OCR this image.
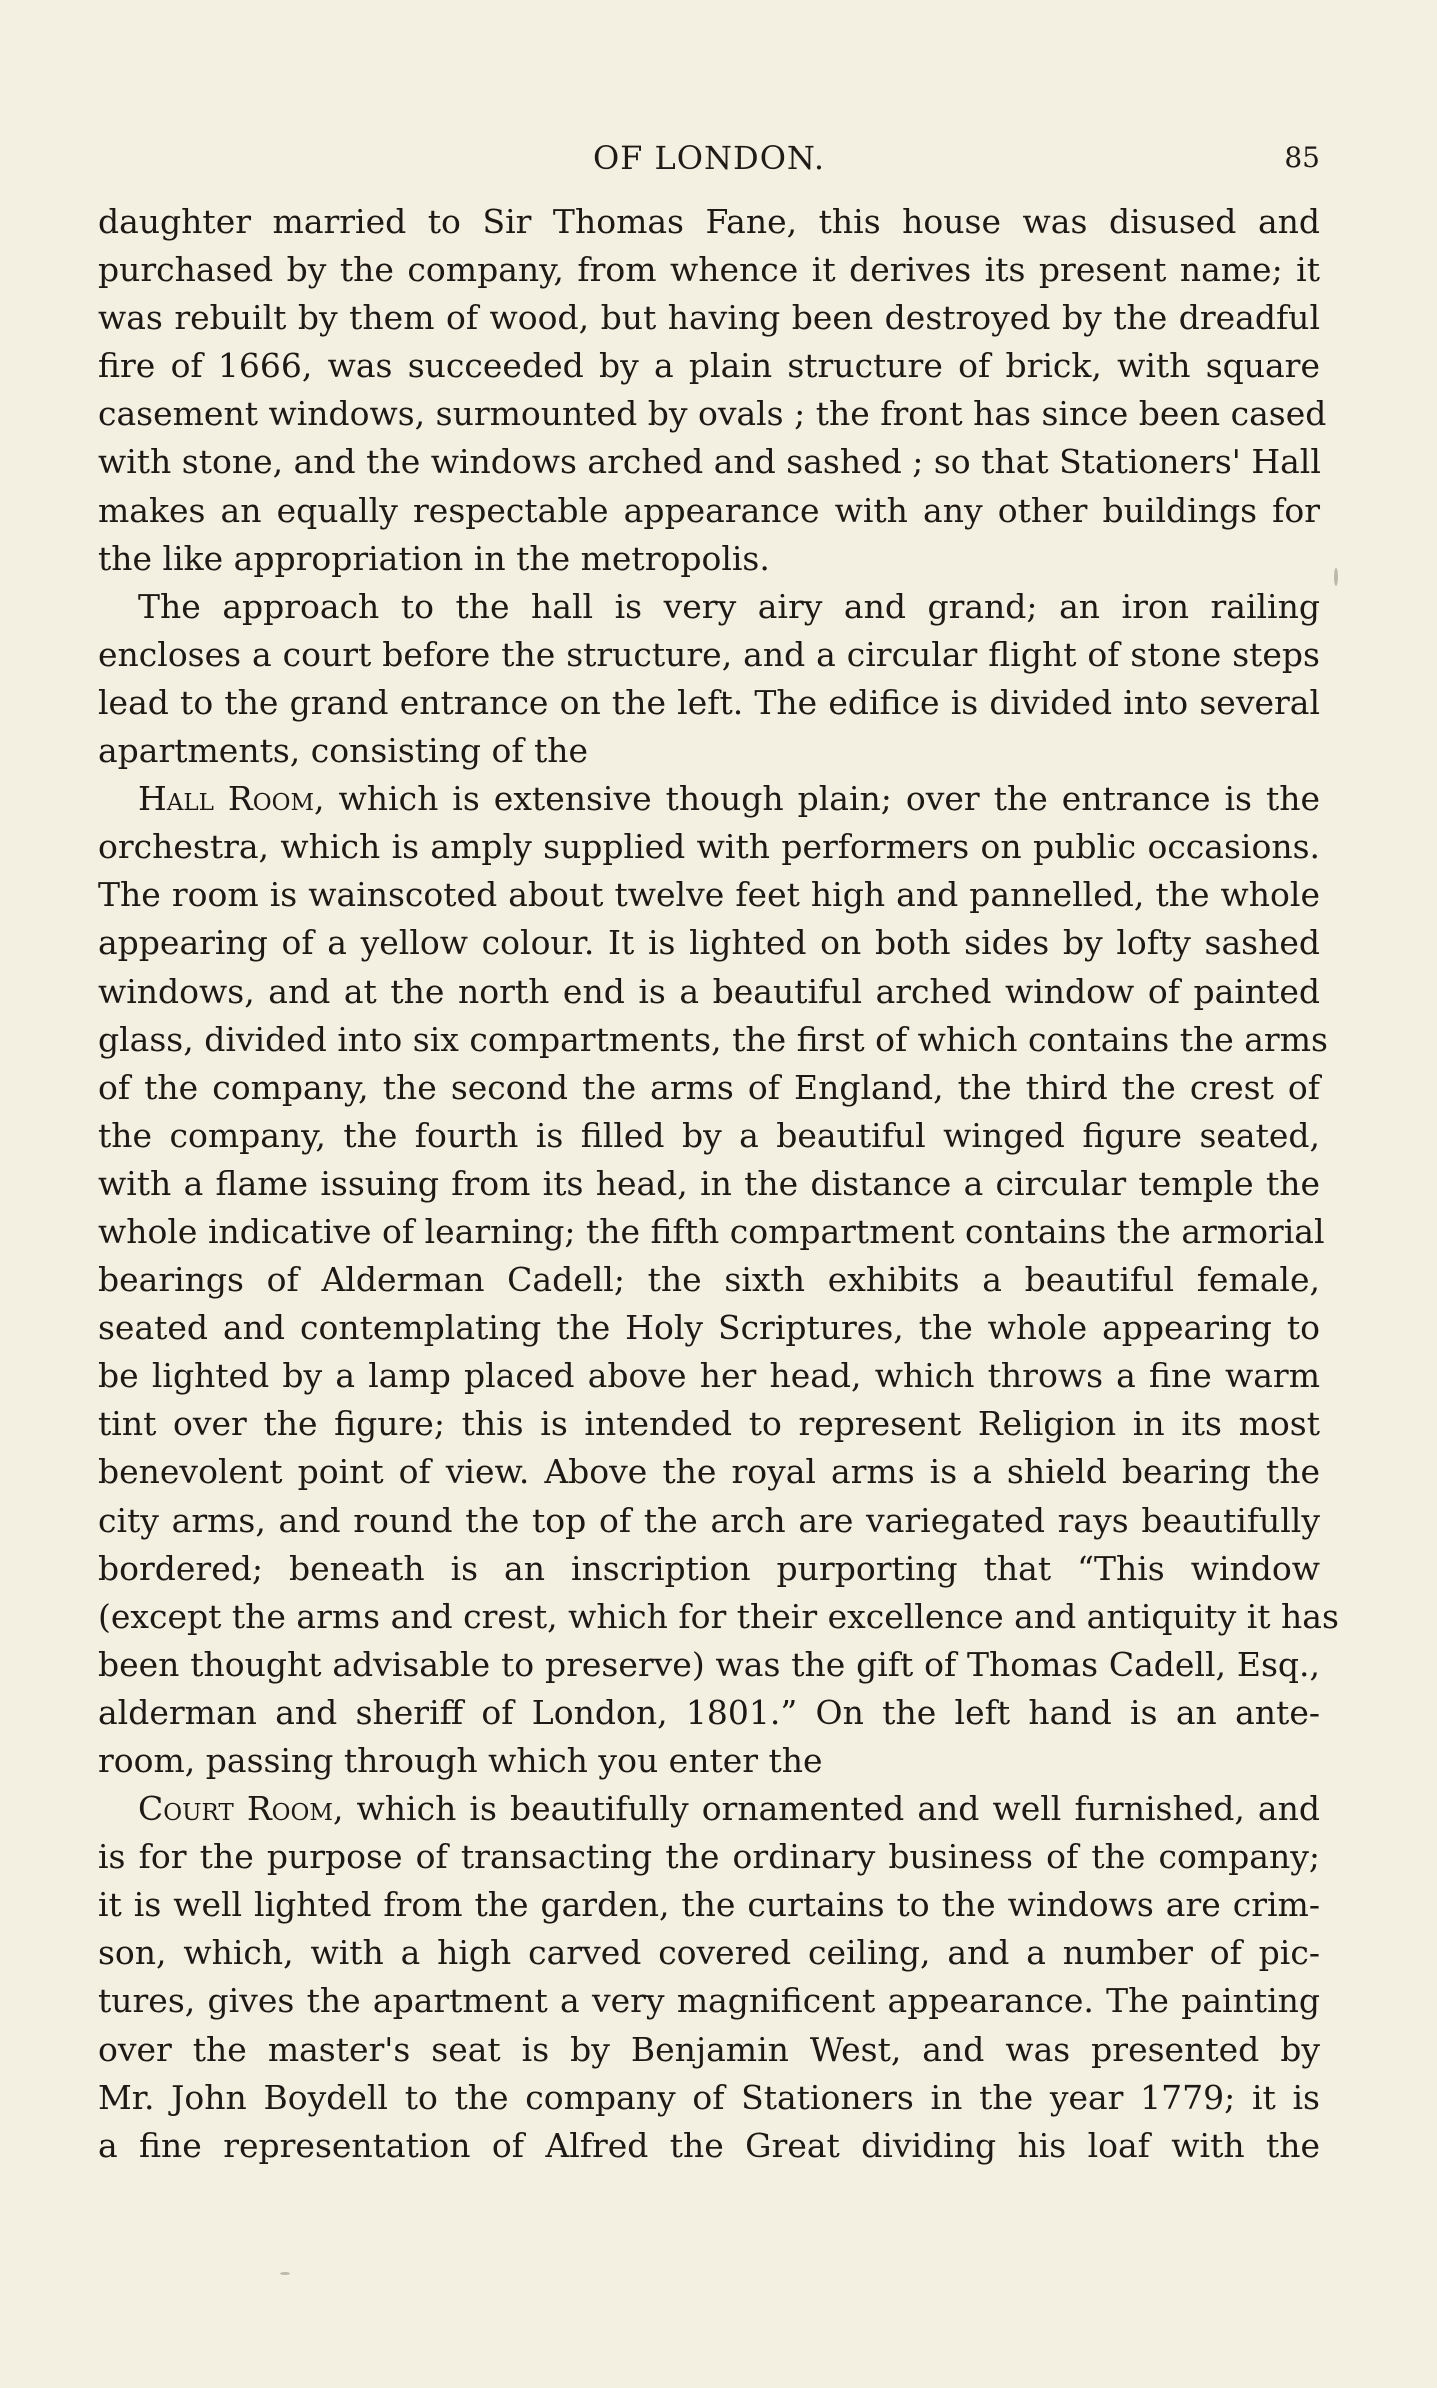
OF LONDON.	85
daughter married to Sir Thomas Fane, this house was disused and
purchased by the company, from whence it derives its present name; it
was rebuilt by them of wood, but having been destroyed by the dreadful
fire of 1666, was succeeded by a plain structure of brick, with square
casement windows, surmounted by ovals ; the front has since been cased
with stone, and the windows arched and sashed ; so that Stationers' Hall
makes an equally respectable appearance with any other buildings for
the like appropriation in the metropolis.
The approach to the hall is very airy and grand; an iron railing
encloses a court before the structure, and a circular flight of stone steps
lead to the grand entrance on the left. The edifice is divided into several
apartments, consisting of the
Hall Room, which is extensive though plain; over the entrance is the
orchestra, which is amply supplied with performers on public occasions.
The room is wainscoted about twelve feet high and pannelled, the whole
appearing of a yellow colour. It is lighted on both sides by lofty sashed
windows, and at the north end is a beautiful arched window of painted
glass, divided into six compartments, the first of which contains the arms
of the company, the second the arms of England, the third the crest of
the company, the fourth is filled by a beautiful winged figure seated,
with a flame issuing from its head, in the distance a circular temple the
whole indicative of learning; the fifth compartment contains the armorial
bearings of Alderman Cadell; the sixth exhibits a beautiful female,
seated and contemplating the Holy Scriptures, the whole appearing to
be lighted by a lamp placed above her head, which throws a fine warm
tint over the figure; this is intended to represent Religion in its most
benevolent point of view. Above the royal arms is a shield bearing the
city arms, and round the top of the arch are variegated rays beautifully
bordered; beneath is an inscription purporting that “This window
(except the arms and crest, which for their excellence and antiquity it has
been thought advisable to preserve) was the gift of Thomas Cadell, Esq.,
alderman and sheriff of London, 1801.” On the left hand is an ante-
room, passing through which you enter the
Court Room, which is beautifully ornamented and well furnished, and
is for the purpose of transacting the ordinary business of the company;
it is well lighted from the garden, the curtains to the windows are crim-
son, which, with a high carved covered ceiling, and a number of pic-
tures, gives the apartment a very magnificent appearance. The painting
over the master's seat is by Benjamin West, and was presented by
Mr. John Boydell to the company of Stationers in the year 1779; it is
a fine representation of Alfred the Great dividing his loaf with the
